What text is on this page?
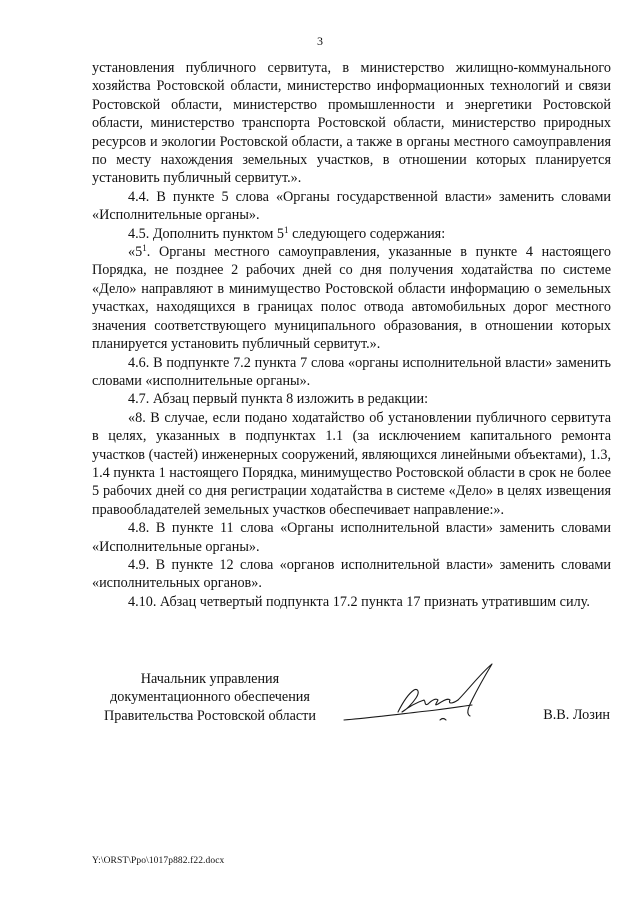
3

установления публичного сервитута, в министерство жилищно-коммунального хозяйства Ростовской области, министерство информационных технологий и связи Ростовской области, министерство промышленности и энергетики Ростовской области, министерство транспорта Ростовской области, министерство природных ресурсов и экологии Ростовской области, а также в органы местного самоуправления по месту нахождения земельных участков, в отношении которых планируется установить публичный сервитут.».

4.4. В пункте 5 слова «Органы государственной власти» заменить словами «Исполнительные органы».

4.5. Дополнить пунктом $5^1$ следующего содержания:

«$5^1$. Органы местного самоуправления, указанные в пункте 4 настоящего Порядка, не позднее 2 рабочих дней со дня получения ходатайства по системе «Дело» направляют в минимущество Ростовской области информацию о земельных участках, находящихся в границах полос отвода автомобильных дорог местного значения соответствующего муниципального образования, в отношении которых планируется установить публичный сервитут.».

4.6. В подпункте 7.2 пункта 7 слова «органы исполнительной власти» заменить словами «исполнительные органы».

4.7. Абзац первый пункта 8 изложить в редакции:

«8. В случае, если подано ходатайство об установлении публичного сервитута в целях, указанных в подпунктах 1.1 (за исключением капитального ремонта участков (частей) инженерных сооружений, являющихся линейными объектами), 1.3, 1.4 пункта 1 настоящего Порядка, минимущество Ростовской области в срок не более 5 рабочих дней со дня регистрации ходатайства в системе «Дело» в целях извещения правообладателей земельных участков обеспечивает направление:».

4.8. В пункте 11 слова «Органы исполнительной власти» заменить словами «Исполнительные органы».

4.9. В пункте 12 слова «органов исполнительной власти» заменить словами «исполнительных органов».

4.10. Абзац четвертый подпункта 17.2 пункта 17 признать утратившим силу.

Начальник управления
документационного обеспечения
Правительства Ростовской области	В.В. Лозин
Y:\ORST\Ppo\1017p882.f22.docx
